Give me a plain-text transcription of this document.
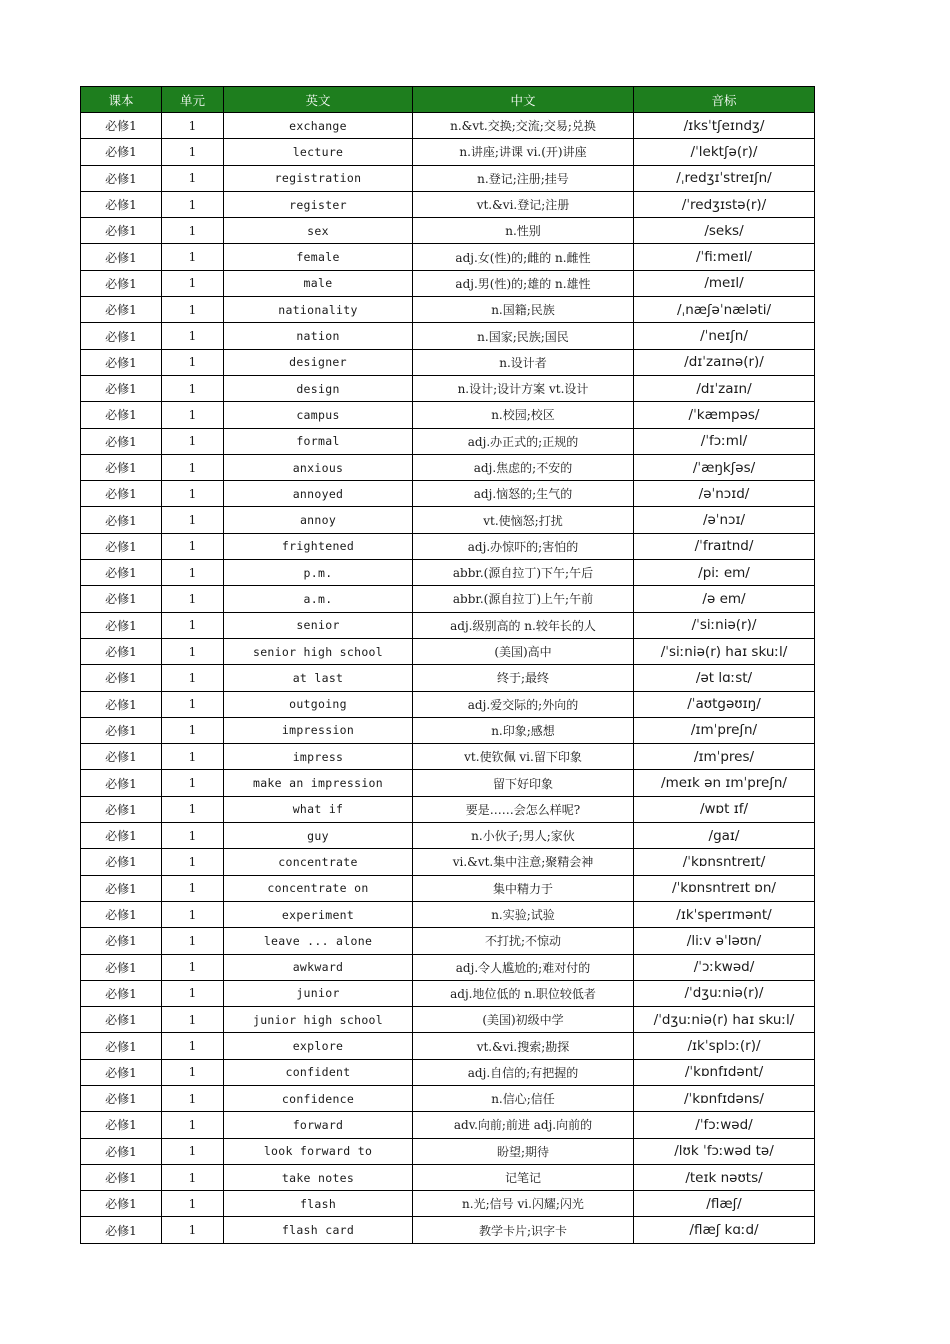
课本	单元	英文	中文	音标
必修1	1	exchange	n.&vt.交换;交流;交易;兑换	/ɪksˈtʃeɪndʒ/
必修1	1	lecture	n.讲座;讲课 vi.(开)讲座	/ˈlektʃə(r)/
必修1	1	registration	n.登记;注册;挂号	/ˌredʒɪˈstreɪʃn/
必修1	1	register	vt.&vi.登记;注册	/ˈredʒɪstə(r)/
必修1	1	sex	n.性别	/seks/
必修1	1	female	adj.女(性)的;雌的 n.雌性	/ˈfiːmeɪl/
必修1	1	male	adj.男(性)的;雄的 n.雄性	/meɪl/
必修1	1	nationality	n.国籍;民族	/ˌnæʃəˈnæləti/
必修1	1	nation	n.国家;民族;国民	/ˈneɪʃn/
必修1	1	designer	n.设计者	/dɪˈzaɪnə(r)/
必修1	1	design	n.设计;设计方案 vt.设计	/dɪˈzaɪn/
必修1	1	campus	n.校园;校区	/ˈkæmpəs/
必修1	1	formal	adj.办正式的;正规的	/ˈfɔːml/
必修1	1	anxious	adj.焦虑的;不安的	/ˈæŋkʃəs/
必修1	1	annoyed	adj.恼怒的;生气的	/əˈnɔɪd/
必修1	1	annoy	vt.使恼怒;打扰	/əˈnɔɪ/
必修1	1	frightened	adj.办惊吓的;害怕的	/ˈfraɪtnd/
必修1	1	p.m.	abbr.(源自拉丁)下午;午后	/piː em/
必修1	1	a.m.	abbr.(源自拉丁)上午;午前	/ə em/
必修1	1	senior	adj.级别高的 n.较年长的人	/ˈsiːniə(r)/
必修1	1	senior high school	(美国)高中	/ˈsiːniə(r) haɪ skuːl/
必修1	1	at last	终于;最终	/ət lɑːst/
必修1	1	outgoing	adj.爱交际的;外向的	/ˈaʊtgəʊɪŋ/
必修1	1	impression	n.印象;感想	/ɪmˈpreʃn/
必修1	1	impress	vt.使钦佩 vi.留下印象	/ɪmˈpres/
必修1	1	make an impression	留下好印象	/meɪk ən ɪmˈpreʃn/
必修1	1	what if	要是……会怎么样呢?	/wɒt ɪf/
必修1	1	guy	n.小伙子;男人;家伙	/gaɪ/
必修1	1	concentrate	vi.&vt.集中注意;聚精会神	/ˈkɒnsntreɪt/
必修1	1	concentrate on	集中精力于	/ˈkɒnsntreɪt ɒn/
必修1	1	experiment	n.实验;试验	/ɪkˈsperɪmənt/
必修1	1	leave ... alone	不打扰;不惊动	/liːv əˈləʊn/
必修1	1	awkward	adj.令人尴尬的;难对付的	/ˈɔːkwəd/
必修1	1	junior	adj.地位低的 n.职位较低者	/ˈdʒuːniə(r)/
必修1	1	junior high school	(美国)初级中学	/ˈdʒuːniə(r) haɪ skuːl/
必修1	1	explore	vt.&vi.搜索;勘探	/ɪkˈsplɔː(r)/
必修1	1	confident	adj.自信的;有把握的	/ˈkɒnfɪdənt/
必修1	1	confidence	n.信心;信任	/ˈkɒnfɪdəns/
必修1	1	forward	adv.向前;前进 adj.向前的	/ˈfɔːwəd/
必修1	1	look forward to	盼望;期待	/lʊk ˈfɔːwəd tə/
必修1	1	take notes	记笔记	/teɪk nəʊts/
必修1	1	flash	n.光;信号 vi.闪耀;闪光	/flæʃ/
必修1	1	flash card	教学卡片;识字卡	/flæʃ kɑːd/
